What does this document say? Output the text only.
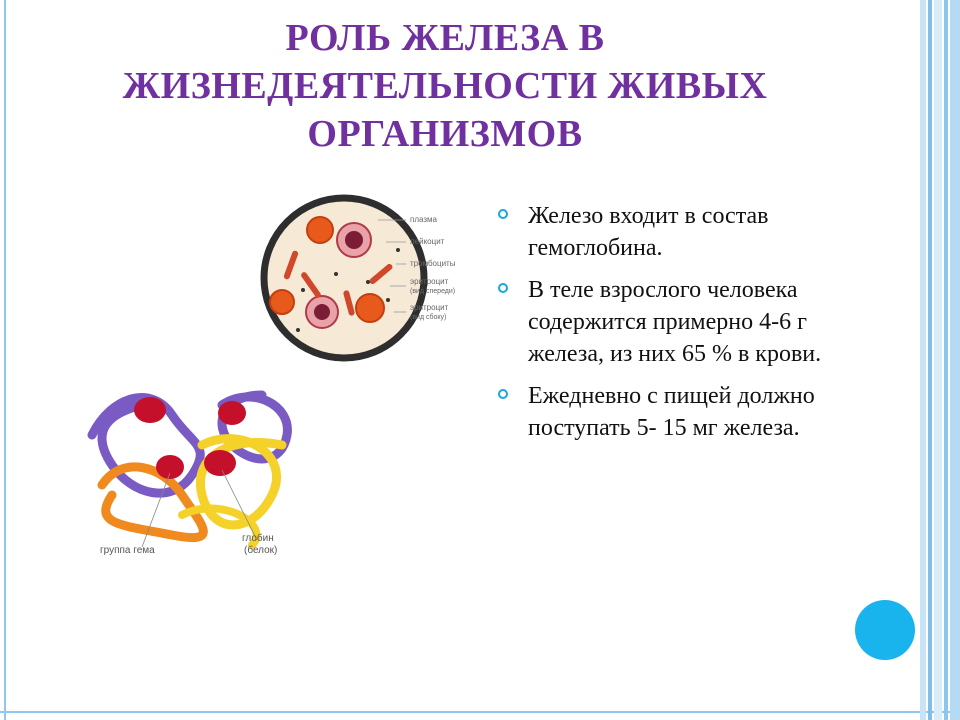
РОЛЬ ЖЕЛЕЗА В
ЖИЗНЕДЕЯТЕЛЬНОСТИ ЖИВЫХ
ОРГАНИЗМОВ
плазма
лейкоцит
тромбоциты
эритроцит
(вид спереди)
эритроцит
(вид сбоку)
группа гема
глобин
(белок)
Железо входит в состав гемоглобина.
В теле взрослого человека содержится примерно 4-6 г железа, из них 65 % в крови.
Ежедневно с пищей должно поступать 5- 15 мг железа.
